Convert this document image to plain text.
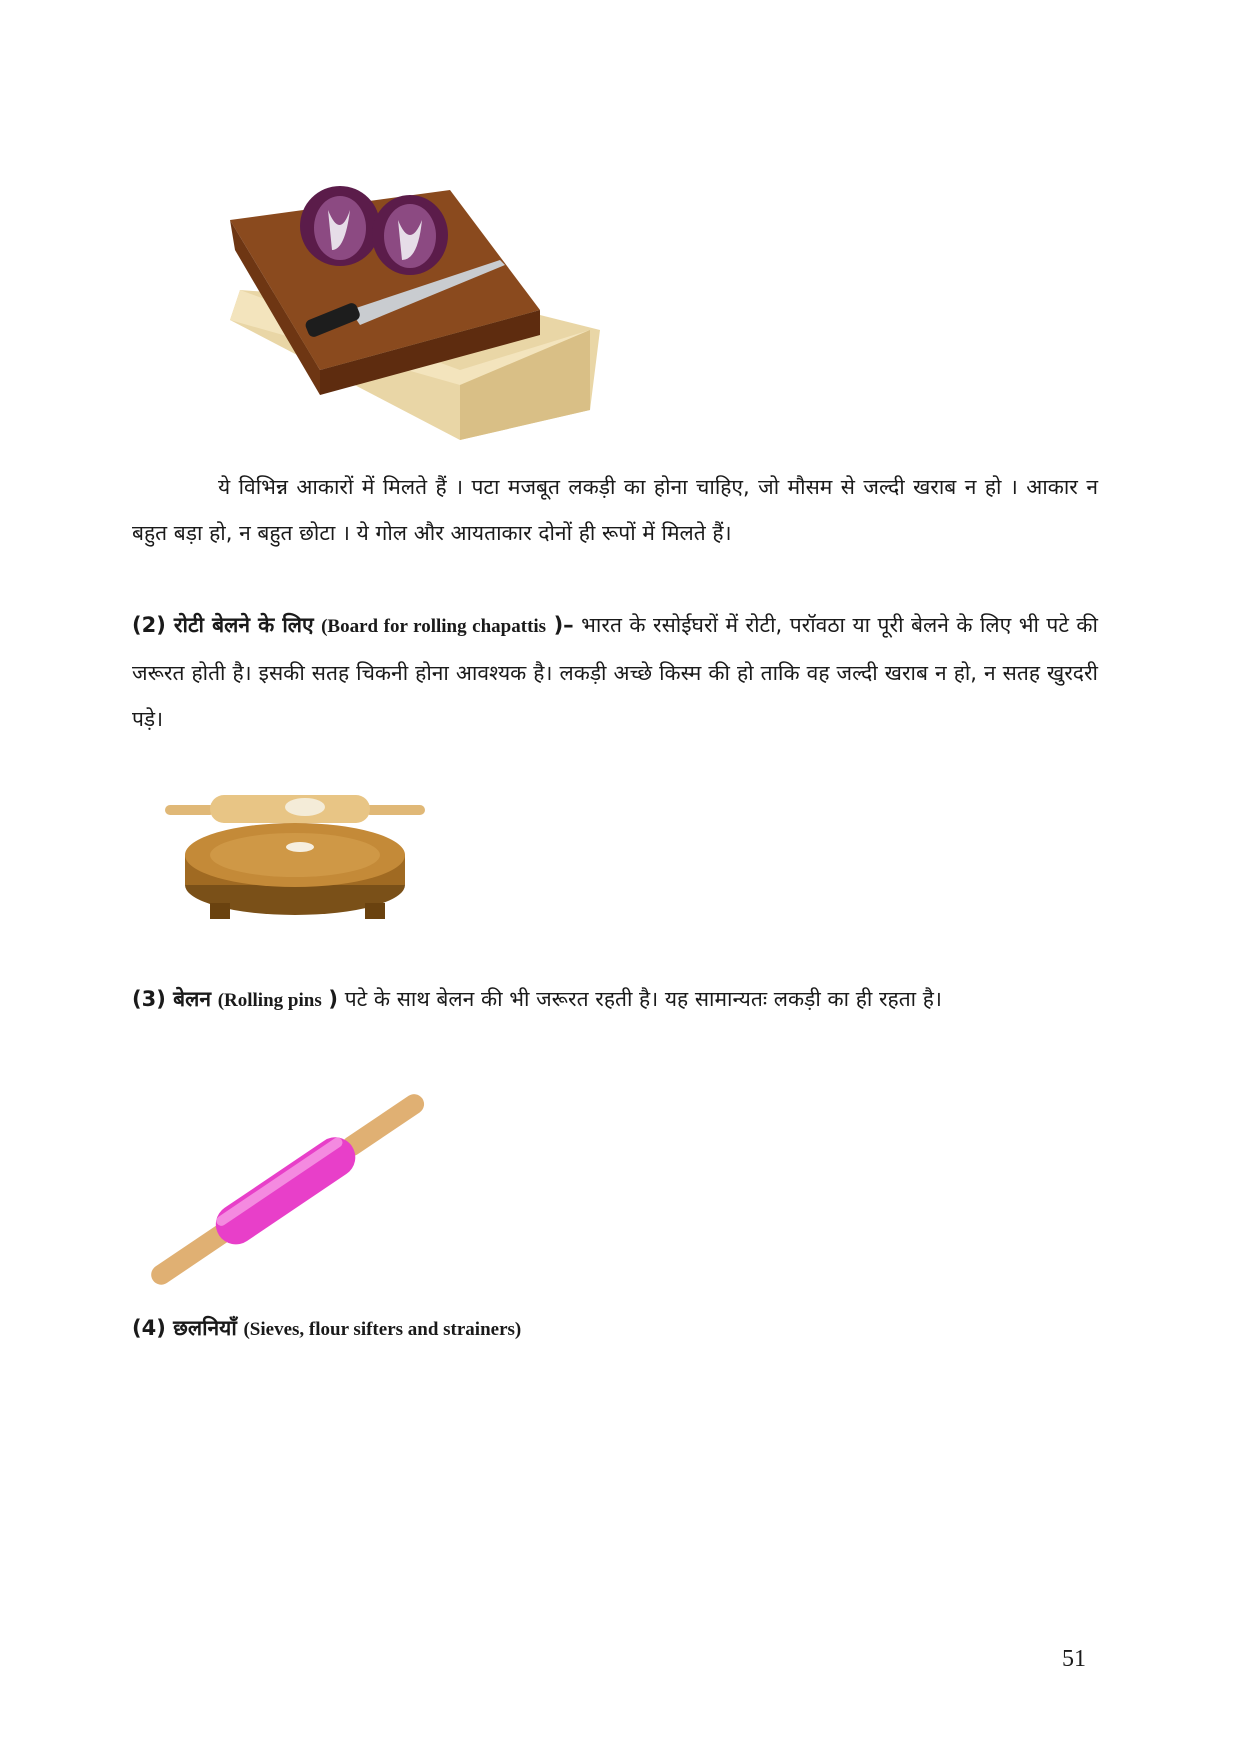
ये विभिन्न आकारों में मिलते हैं । पटा मजबूत लकड़ी का होना चाहिए, जो मौसम से जल्दी खराब न हो । आकार न बहुत बड़ा हो, न बहुत छोटा । ये गोल और आयताकार दोनों ही रूपों में मिलते हैं।

(2) रोटी बेलने के लिए (Board for rolling chapattis )– भारत के रसोईघरों में रोटी, परॉवठा या पूरी बेलने के लिए भी पटे की जरूरत होती है। इसकी सतह चिकनी होना आवश्यक है। लकड़ी अच्छे किस्म की हो ताकि वह जल्दी खराब न हो, न सतह खुरदरी पड़े।

(3) बेलन (Rolling pins ) पटे के साथ बेलन की भी जरूरत रहती है। यह सामान्यतः लकड़ी का ही रहता है।

(4) छलनियॉं (Sieves, flour sifters and strainers)

51
